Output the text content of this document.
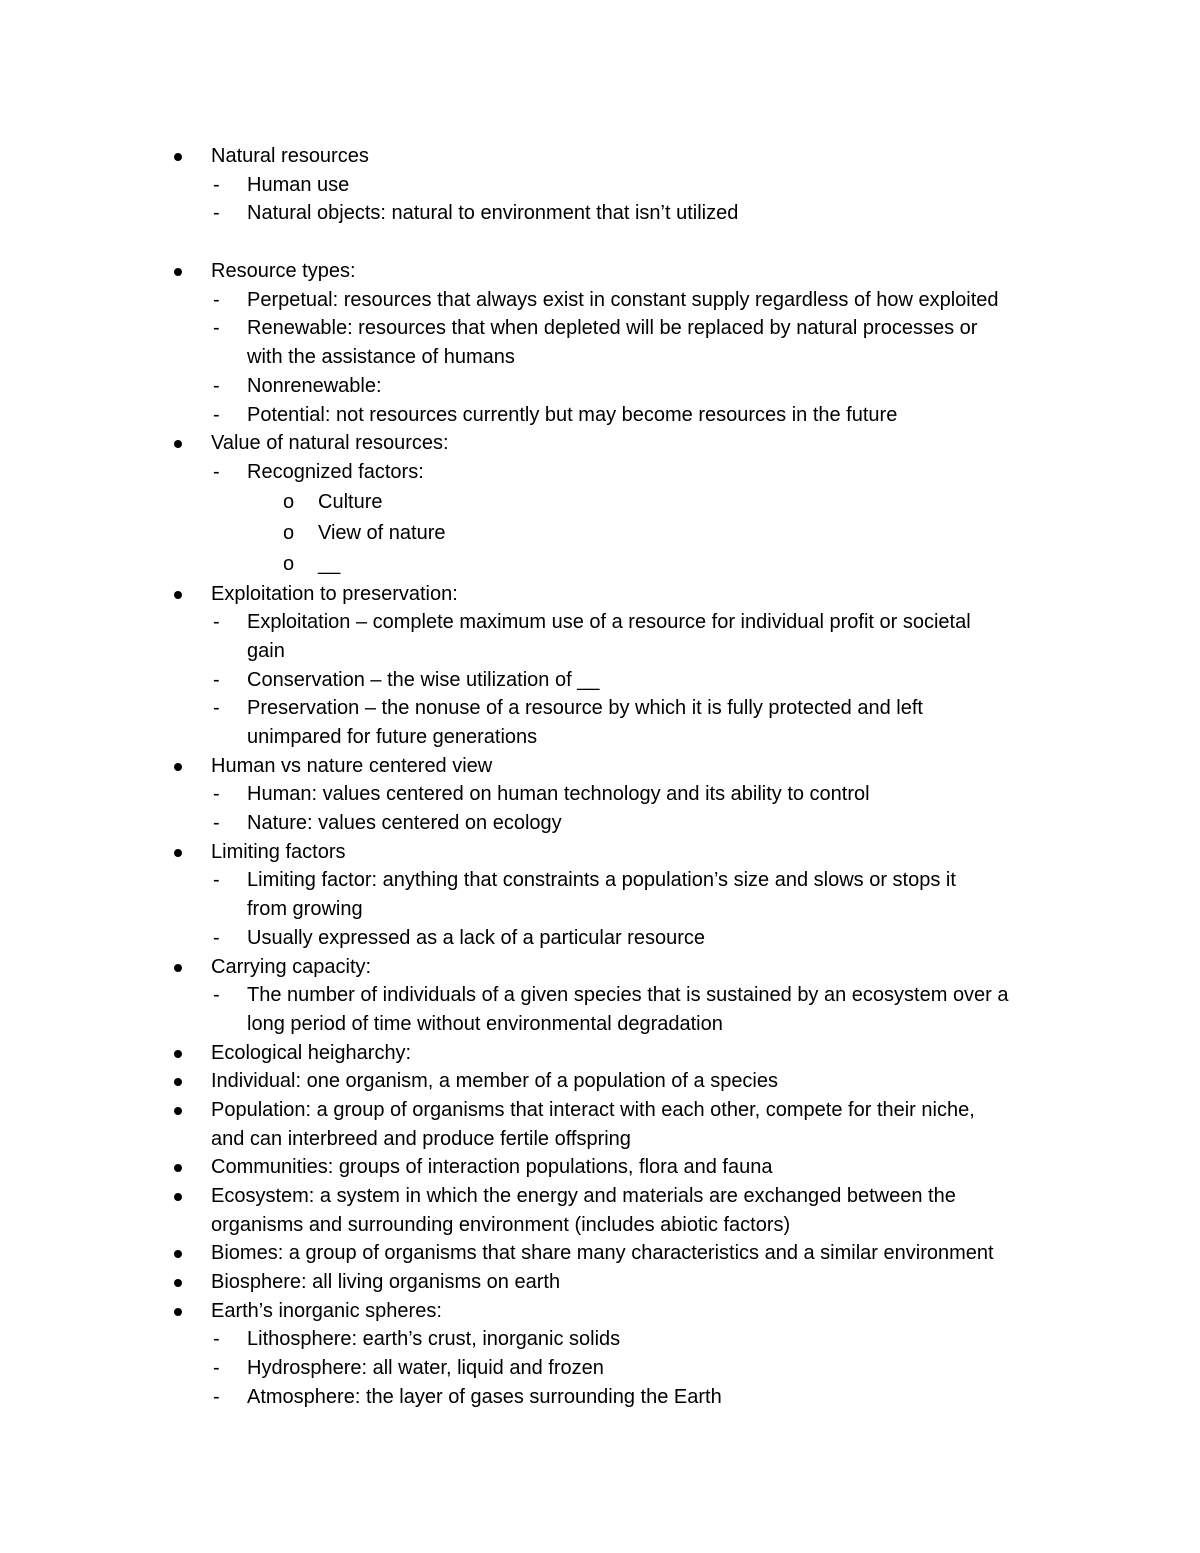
Natural resources
- Human use
- Natural objects: natural to environment that isn’t utilized
Resource types:
- Perpetual: resources that always exist in constant supply regardless of how exploited
- Renewable: resources that when depleted will be replaced by natural processes or
with the assistance of humans
- Nonrenewable:
- Potential: not resources currently but may become resources in the future
Value of natural resources:
- Recognized factors:
o Culture
o View of nature
o __
Exploitation to preservation:
- Exploitation – complete maximum use of a resource for individual profit or societal
gain
- Conservation – the wise utilization of __
- Preservation – the nonuse of a resource by which it is fully protected and left
unimpared for future generations
Human vs nature centered view
- Human: values centered on human technology and its ability to control
- Nature: values centered on ecology
Limiting factors
- Limiting factor: anything that constraints a population’s size and slows or stops it
from growing
- Usually expressed as a lack of a particular resource
Carrying capacity:
- The number of individuals of a given species that is sustained by an ecosystem over a
long period of time without environmental degradation
Ecological heigharchy:
Individual: one organism, a member of a population of a species
Population: a group of organisms that interact with each other, compete for their niche,
and can interbreed and produce fertile offspring
Communities: groups of interaction populations, flora and fauna
Ecosystem: a system in which the energy and materials are exchanged between the
organisms and surrounding environment (includes abiotic factors)
Biomes: a group of organisms that share many characteristics and a similar environment
Biosphere: all living organisms on earth
Earth’s inorganic spheres:
- Lithosphere: earth’s crust, inorganic solids
- Hydrosphere: all water, liquid and frozen
- Atmosphere: the layer of gases surrounding the Earth
